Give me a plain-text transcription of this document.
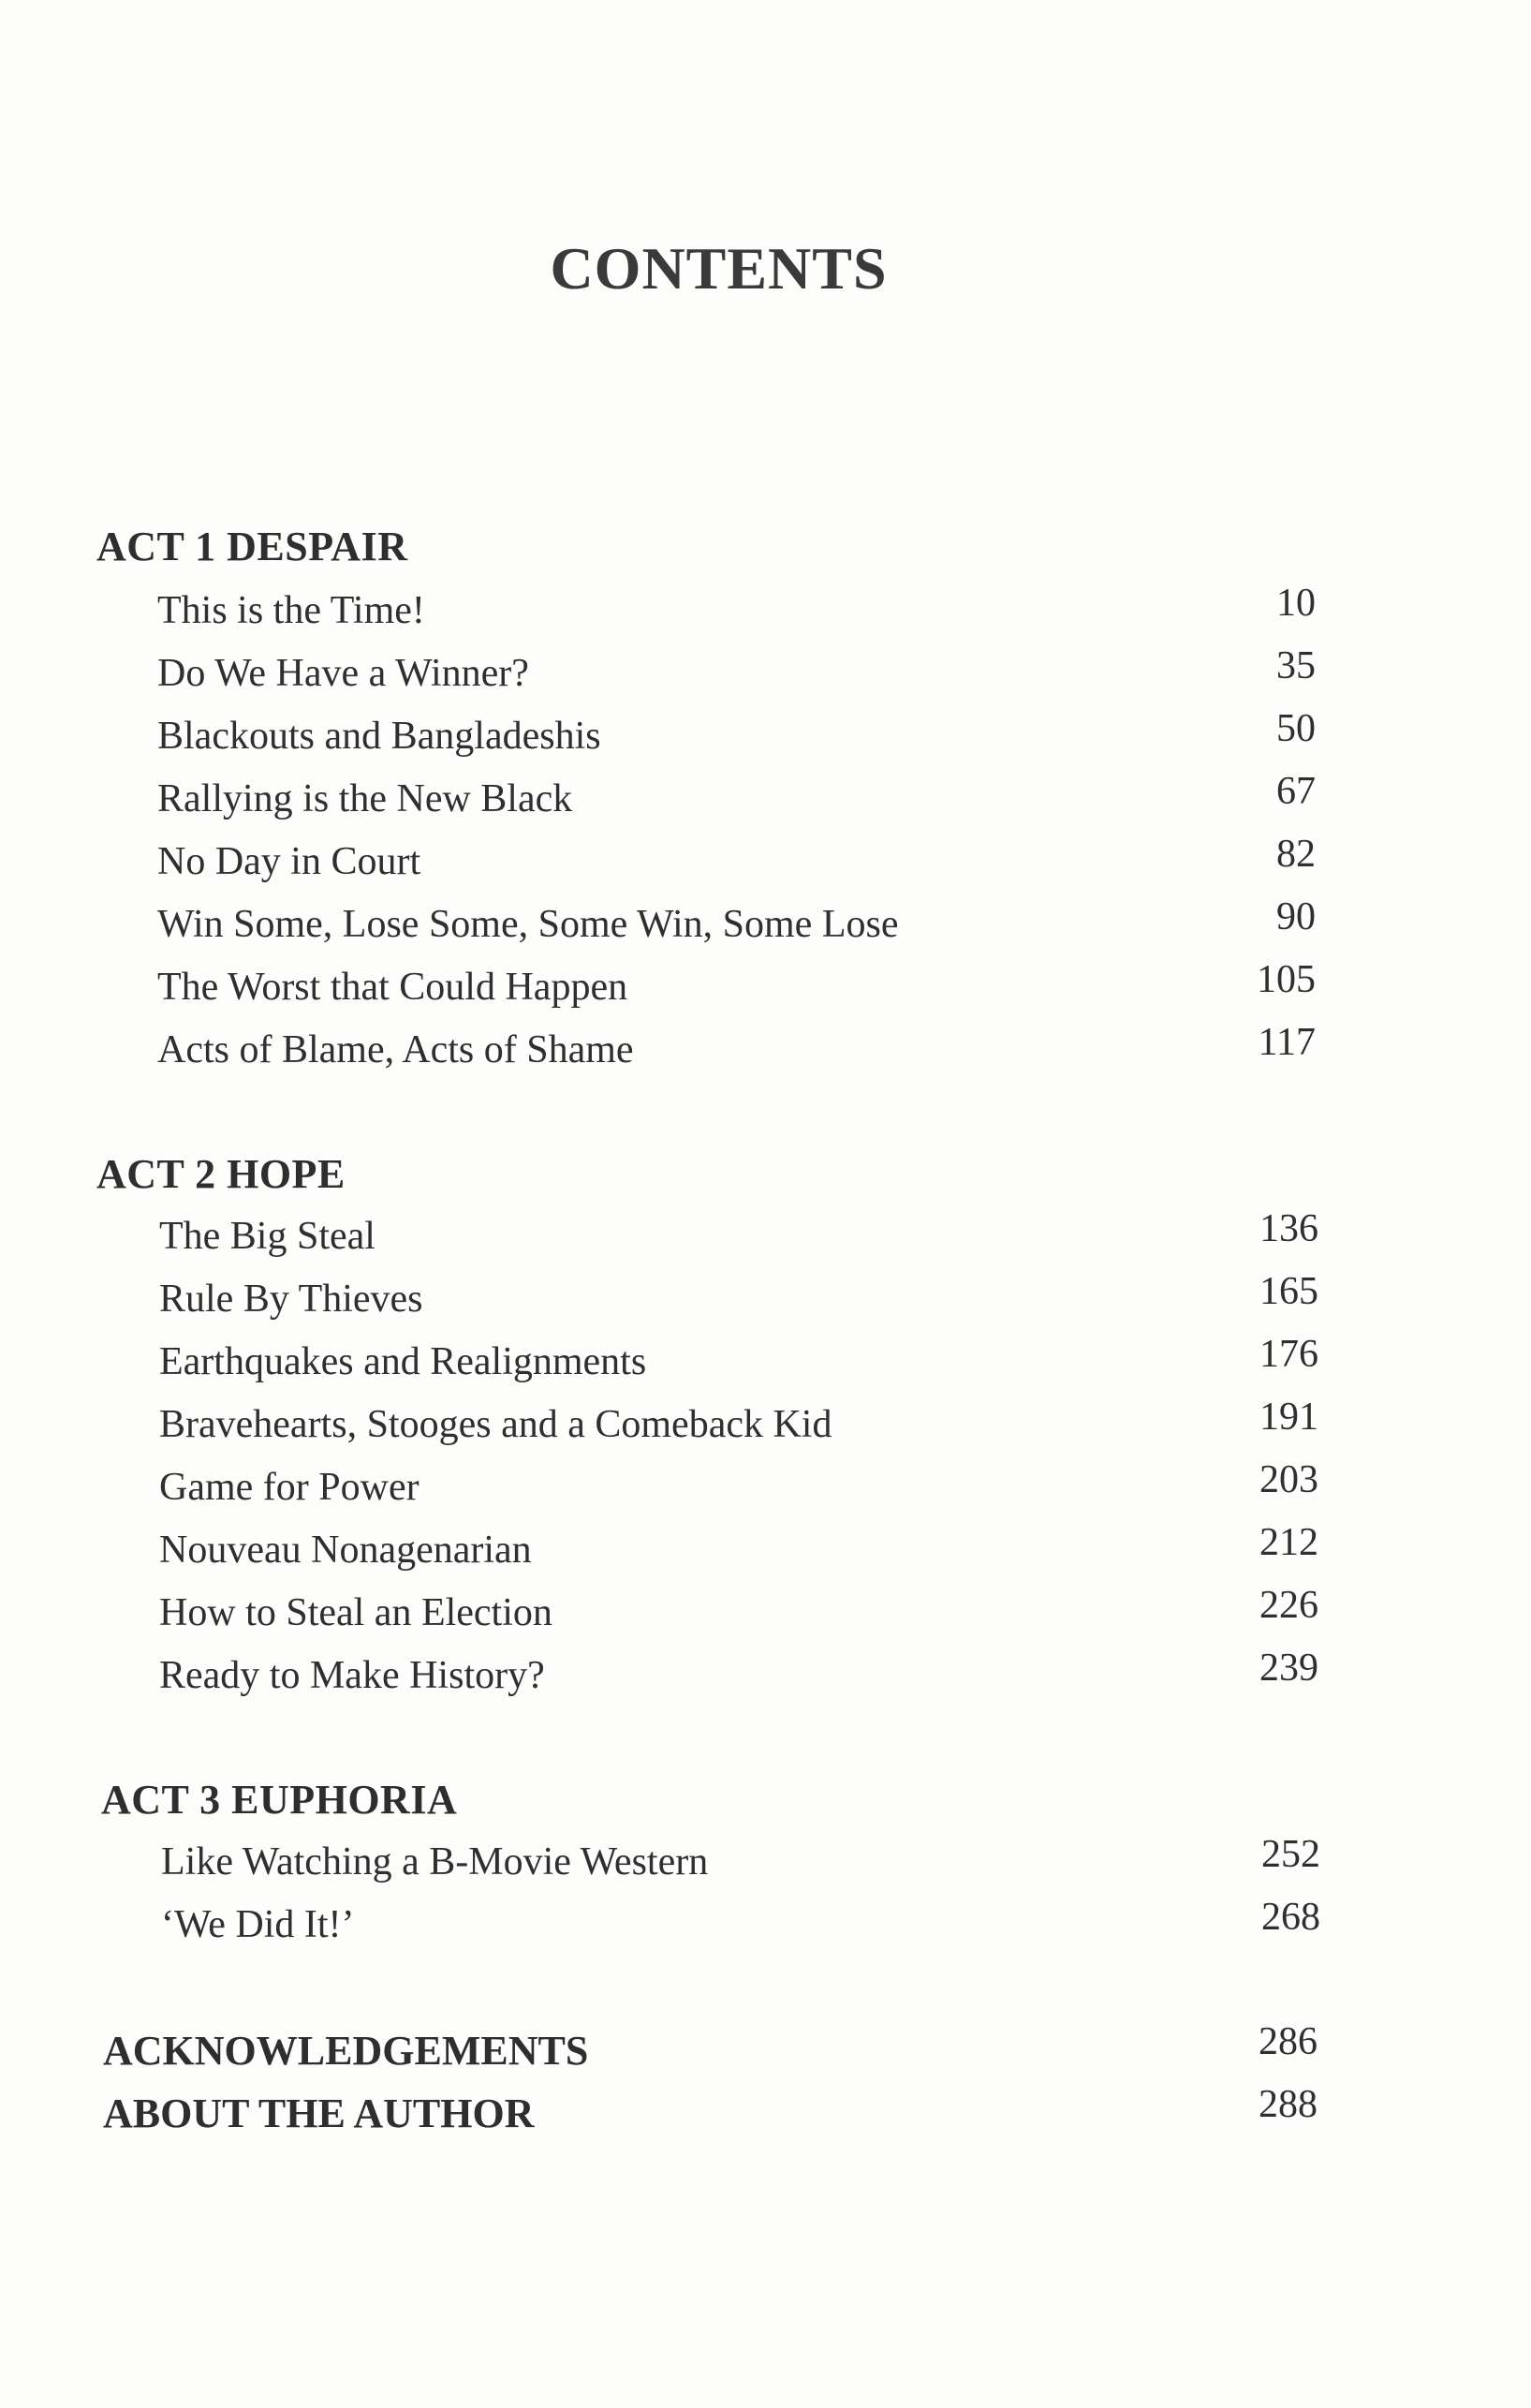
CONTENTS
ACT 1 DESPAIR
This is the Time!	10
Do We Have a Winner?	35
Blackouts and Bangladeshis	50
Rallying is the New Black	67
No Day in Court	82
Win Some, Lose Some, Some Win, Some Lose	90
The Worst that Could Happen	105
Acts of Blame, Acts of Shame	117
ACT 2 HOPE
The Big Steal	136
Rule By Thieves	165
Earthquakes and Realignments	176
Bravehearts, Stooges and a Comeback Kid	191
Game for Power	203
Nouveau Nonagenarian	212
How to Steal an Election	226
Ready to Make History?	239
ACT 3 EUPHORIA
Like Watching a B-Movie Western	252
‘We Did It!’	268
ACKNOWLEDGEMENTS	286
ABOUT THE AUTHOR	288
